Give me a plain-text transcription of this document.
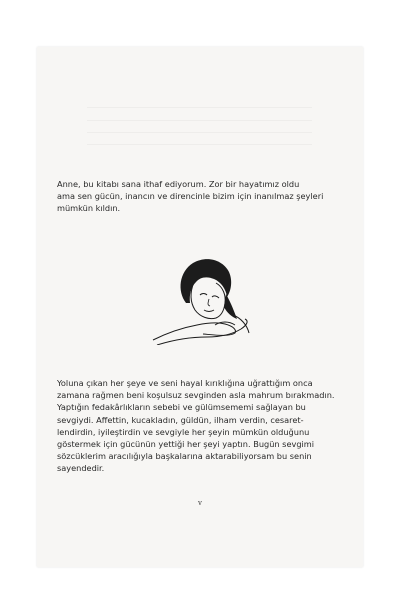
Anne, bu kitabı sana ithaf ediyorum. Zor bir hayatımız oldu
ama sen gücün, inancın ve direncinle bizim için inanılmaz şeyleri
mümkün kıldın.

Yoluna çıkan her şeye ve seni hayal kırıklığına uğrattığım onca
zamana rağmen beni koşulsuz sevginden asla mahrum bırakmadın.
Yaptığın fedakârlıkların sebebi ve gülümsememi sağlayan bu
sevgiydi. Affettin, kucakladın, güldün, ilham verdin, cesaret-
lendirdin, iyileştirdin ve sevgiyle her şeyin mümkün olduğunu
göstermek için gücünün yettiği her şeyi yaptın. Bugün sevgimi
sözcüklerim aracılığıyla başkalarına aktarabiliyorsam bu senin
sayendedir.

v
